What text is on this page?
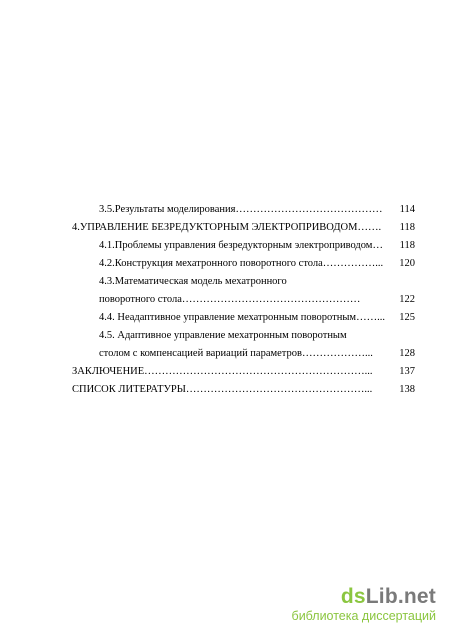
3.5.Результаты моделирования……………………………………	114
4.УПРАВЛЕНИЕ БЕЗРЕДУКТОРНЫМ ЭЛЕКТРОПРИВОДОМ…….	118
4.1.Проблемы управления безредукторным электроприводом…	118
4.2.Конструкция мехатронного поворотного стола……………...	120
4.3.Математическая модель мехатронного
поворотного стола……………………………………………	122
4.4. Неадаптивное управление мехатронным поворотным……...	125
4.5. Адаптивное управление мехатронным поворотным
столом с компенсацией вариаций параметров………………...	128
ЗАКЛЮЧЕНИЕ………………………………………………………...	137
СПИСОК ЛИТЕРАТУРЫ……………………………………………...	138
dsLib.net
библиотека диссертаций
